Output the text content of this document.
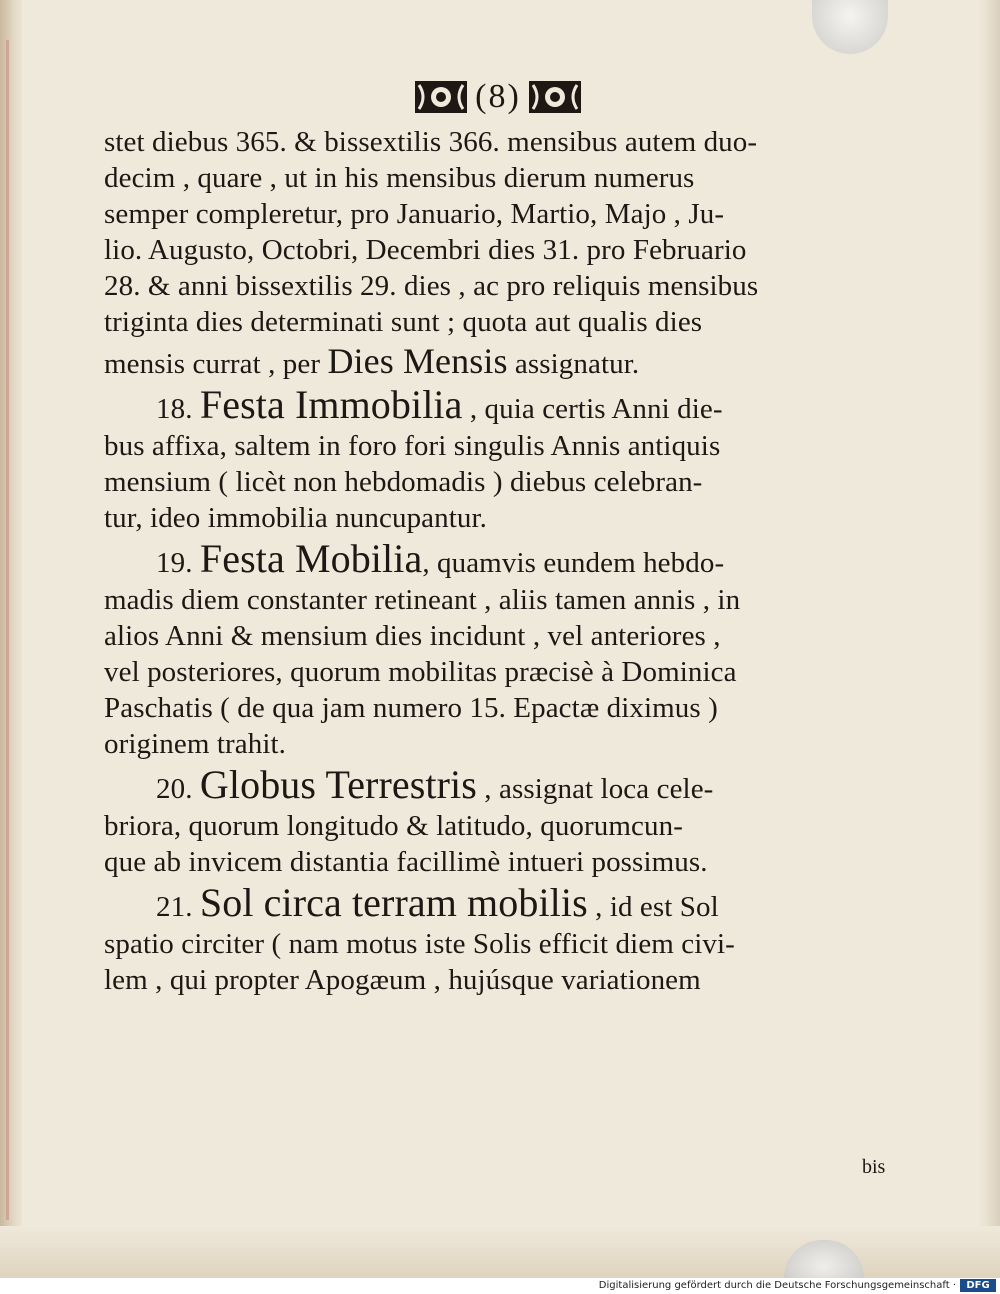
(8)
stet diebus 365. & bissextilis 366. mensibus autem duo-
decim , quare , ut in his mensibus dierum numerus
semper compleretur, pro Januario, Martio, Majo , Ju-
lio. Augusto, Octobri, Decembri dies 31. pro Februario
28. & anni bissextilis 29. dies , ac pro reliquis mensibus
triginta dies determinati sunt ; quota aut qualis dies
mensis currat , per Dies Mensis assignatur.
18. Festa Immobilia , quia certis Anni die-
bus affixa, saltem in foro fori singulis Annis antiquis
mensium ( licèt non hebdomadis ) diebus celebran-
tur, ideo immobilia nuncupantur.
19. Festa Mobilia, quamvis eundem hebdo-
madis diem constanter retineant , aliis tamen annis , in
alios Anni & mensium dies incidunt , vel anteriores ,
vel posteriores, quorum mobilitas præcisè à Dominica
Paschatis ( de qua jam numero 15. Epactæ diximus )
originem trahit.
20. Globus Terrestris , assignat loca cele-
briora, quorum longitudo & latitudo, quorumcun-
que ab invicem distantia facillimè intueri possimus.
21. Sol circa terram mobilis , id est Sol
spatio circiter ( nam motus iste Solis efficit diem civi-
lem , qui propter Apogæum , hujúsque variationem
bis
Digitalisierung gefördert durch die Deutsche Forschungsgemeinschaft ·	DFG
